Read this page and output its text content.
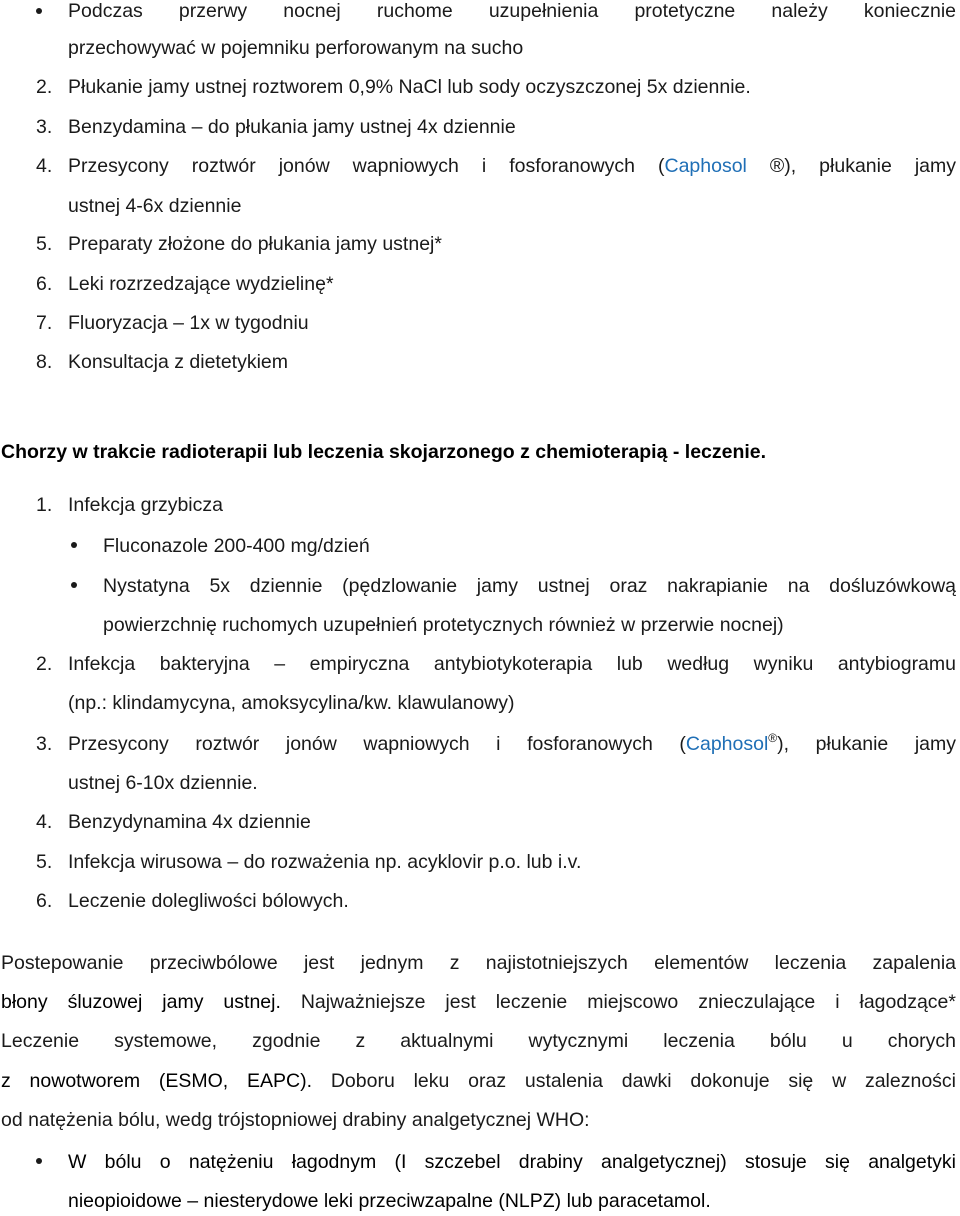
Podczas przerwy nocnej ruchome uzupełnienia protetyczne należy koniecznie
przechowywać w pojemniku perforowanym na sucho
2. Płukanie jamy ustnej roztworem 0,9% NaCl lub sody oczyszczonej 5x dziennie.
3. Benzydamina – do płukania jamy ustnej 4x dziennie
4. Przesycony roztwór jonów wapniowych i fosforanowych (Caphosol ®), płukanie jamy
ustnej 4-6x dziennie
5. Preparaty złożone do płukania jamy ustnej*
6. Leki rozrzedzające wydzielinę*
7. Fluoryzacja – 1x w tygodniu
8. Konsultacja z dietetykiem
Chorzy w trakcie radioterapii lub leczenia skojarzonego z chemioterapią - leczenie.
1. Infekcja grzybicza
Fluconazole 200-400 mg/dzień
Nystatyna 5x dziennie (pędzlowanie jamy ustnej oraz nakrapianie na dośluzówkową
powierzchnię ruchomych uzupełnień protetycznych również w przerwie nocnej)
2. Infekcja bakteryjna – empiryczna antybiotykoterapia lub według wyniku antybiogramu
(np.: klindamycyna, amoksycylina/kw. klawulanowy)
3. Przesycony roztwór jonów wapniowych i fosforanowych (Caphosol®), płukanie jamy
ustnej 6-10x dziennie.
4. Benzydynamina 4x dziennie
5. Infekcja wirusowa – do rozważenia np. acyklovir p.o. lub i.v.
6. Leczenie dolegliwości bólowych.
Postepowanie przeciwbólowe jest jednym z najistotniejszych elementów leczenia zapalenia
błony śluzowej jamy ustnej. Najważniejsze jest leczenie miejscowo znieczulające i łagodzące*
Leczenie systemowe, zgodnie z aktualnymi wytycznymi leczenia bólu u chorych
z nowotworem (ESMO, EAPC). Doboru leku oraz ustalenia dawki dokonuje się w zalezności
od natężenia bólu, wedg trójstopniowej drabiny analgetycznej WHO:
W bólu o natężeniu łagodnym (I szczebel drabiny analgetycznej) stosuje się analgetyki
nieopioidowe – niesterydowe leki przeciwzapalne (NLPZ) lub paracetamol.
